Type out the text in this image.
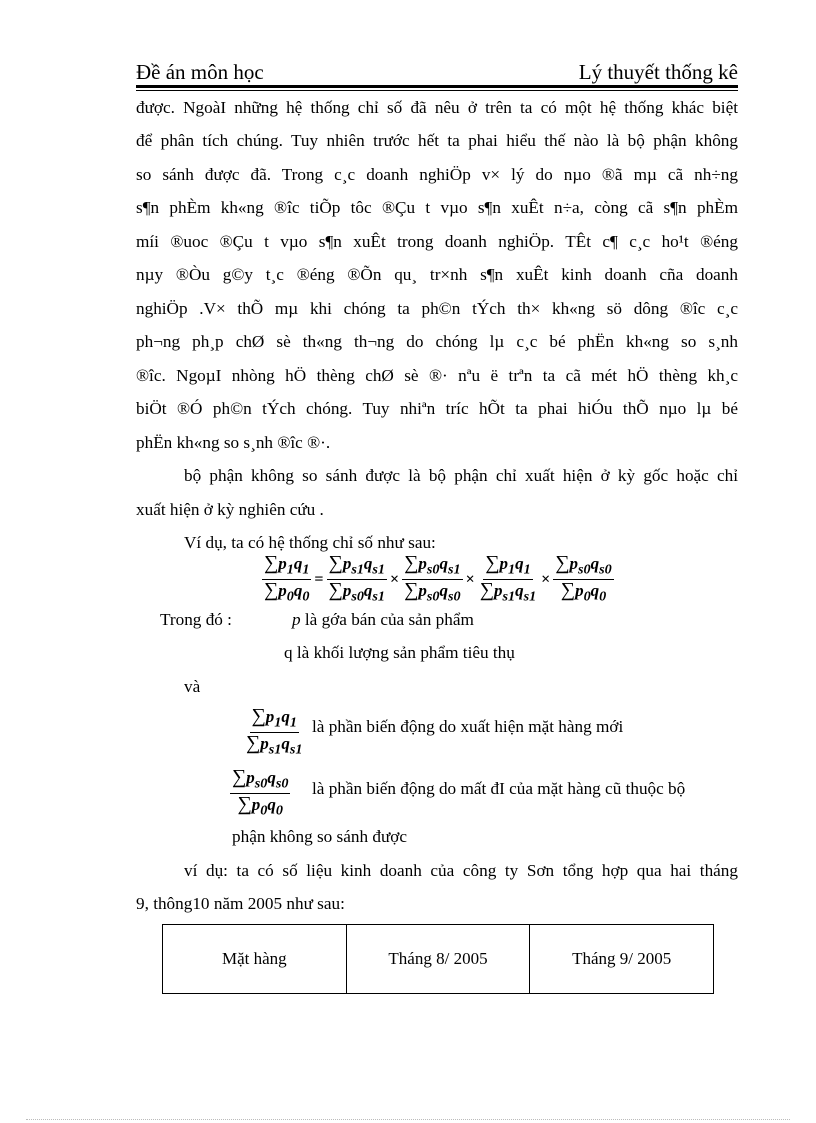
Đề án môn học	Lý thuyết thống kê
được. NgoàI những hệ thống chỉ số đã nêu ở trên ta có một hệ thống khác biệt
để phân tích chúng. Tuy nhiên trước hết ta phai hiểu thế nào là bộ phận không
so sánh được đã. Trong c¸c doanh nghiÖp v× lý do nµo ®ã mµ cã nh÷ng
s¶n phÈm kh«ng ®îc tiÕp tôc ®Çu t vµo s¶n xuÊt n÷a, còng cã s¶n phÈm
míi ®uoc ®Çu t vµo s¶n xuÊt trong doanh nghiÖp. TÊt c¶ c¸c ho¹t ®éng
nµy ®Òu g©y t¸c ®éng ®Õn qu¸ tr×nh s¶n xuÊt kinh doanh cña doanh
nghiÖp .V× thÕ mµ khi chóng ta ph©n tÝch th× kh«ng sö dông ®îc c¸c
ph¬ng ph¸p chØ sè th«ng th¬ng do chóng lµ c¸c bé phËn kh«ng so s¸nh
®îc. NgoµI nhòng hÖ thèng chØ sè ®· nªu ë trªn ta cã mét hÖ thèng kh¸c
biÖt ®Ó ph©n tÝch chóng. Tuy nhiªn tríc hÕt ta phai hiÓu thÕ nµo lµ bé
phËn kh«ng so s¸nh ®îc ®·.
bộ phận không so sánh được là bộ phận chỉ xuất hiện ở kỳ gốc hoặc chỉ
xuất hiện ở kỳ nghiên cứu .
Ví dụ, ta có hệ thống chỉ số như sau:
$\frac{\sum p_1q_1}{\sum p_0q_0} = \frac{\sum p_{s1}q_{s1}}{\sum p_{s0}q_{s1}} \times \frac{\sum p_{s0}q_{s1}}{\sum p_{s0}q_{s0}} \times \frac{\sum p_1q_1}{\sum p_{s1}q_{s1}} \times \frac{\sum p_{s0}q_{s0}}{\sum p_0q_0}$
Trong đó :	p là gớa bán của sản phẩm
q là khối lượng sản phẩm tiêu thụ
và
$\frac{\sum p_1q_1}{\sum p_{s1}q_{s1}}$ là phần biến động do xuất hiện mặt hàng mới
$\frac{\sum p_{s0}q_{s0}}{\sum p_0q_0}$ là phần biến động do mất đI của mặt hàng cũ thuộc bộ
phận không so sánh được
ví dụ: ta có số liệu kinh doanh của công ty Sơn tổng hợp qua hai tháng
9, thông10 năm 2005 như sau:
Mặt hàng	Tháng 8/ 2005	Tháng 9/ 2005
